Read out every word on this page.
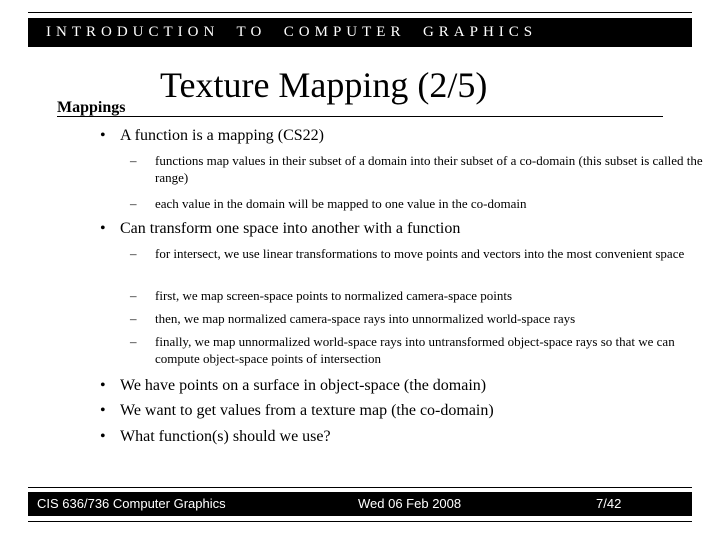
INTRODUCTION  TO  COMPUTER  GRAPHICS
Texture Mapping (2/5)
Mappings
• A function is a mapping (CS22)
– functions map values in their subset of a domain into their subset of a co-domain (this subset is called the range)
– each value in the domain will be mapped to one value in the co-domain
• Can transform one space into another with a function
– for intersect, we use linear transformations to move points and vectors into the most convenient space
– first, we map screen-space points to normalized camera-space points
– then, we map normalized camera-space rays into unnormalized world-space rays
– finally, we map unnormalized world-space rays into untransformed object-space rays so that we can compute object-space points of intersection
• We have points on a surface in object-space (the domain)
• We want to get values from a texture map (the co-domain)
• What function(s) should we use?
CIS 636/736 Computer Graphics	Wed 06 Feb 2008	7/42
